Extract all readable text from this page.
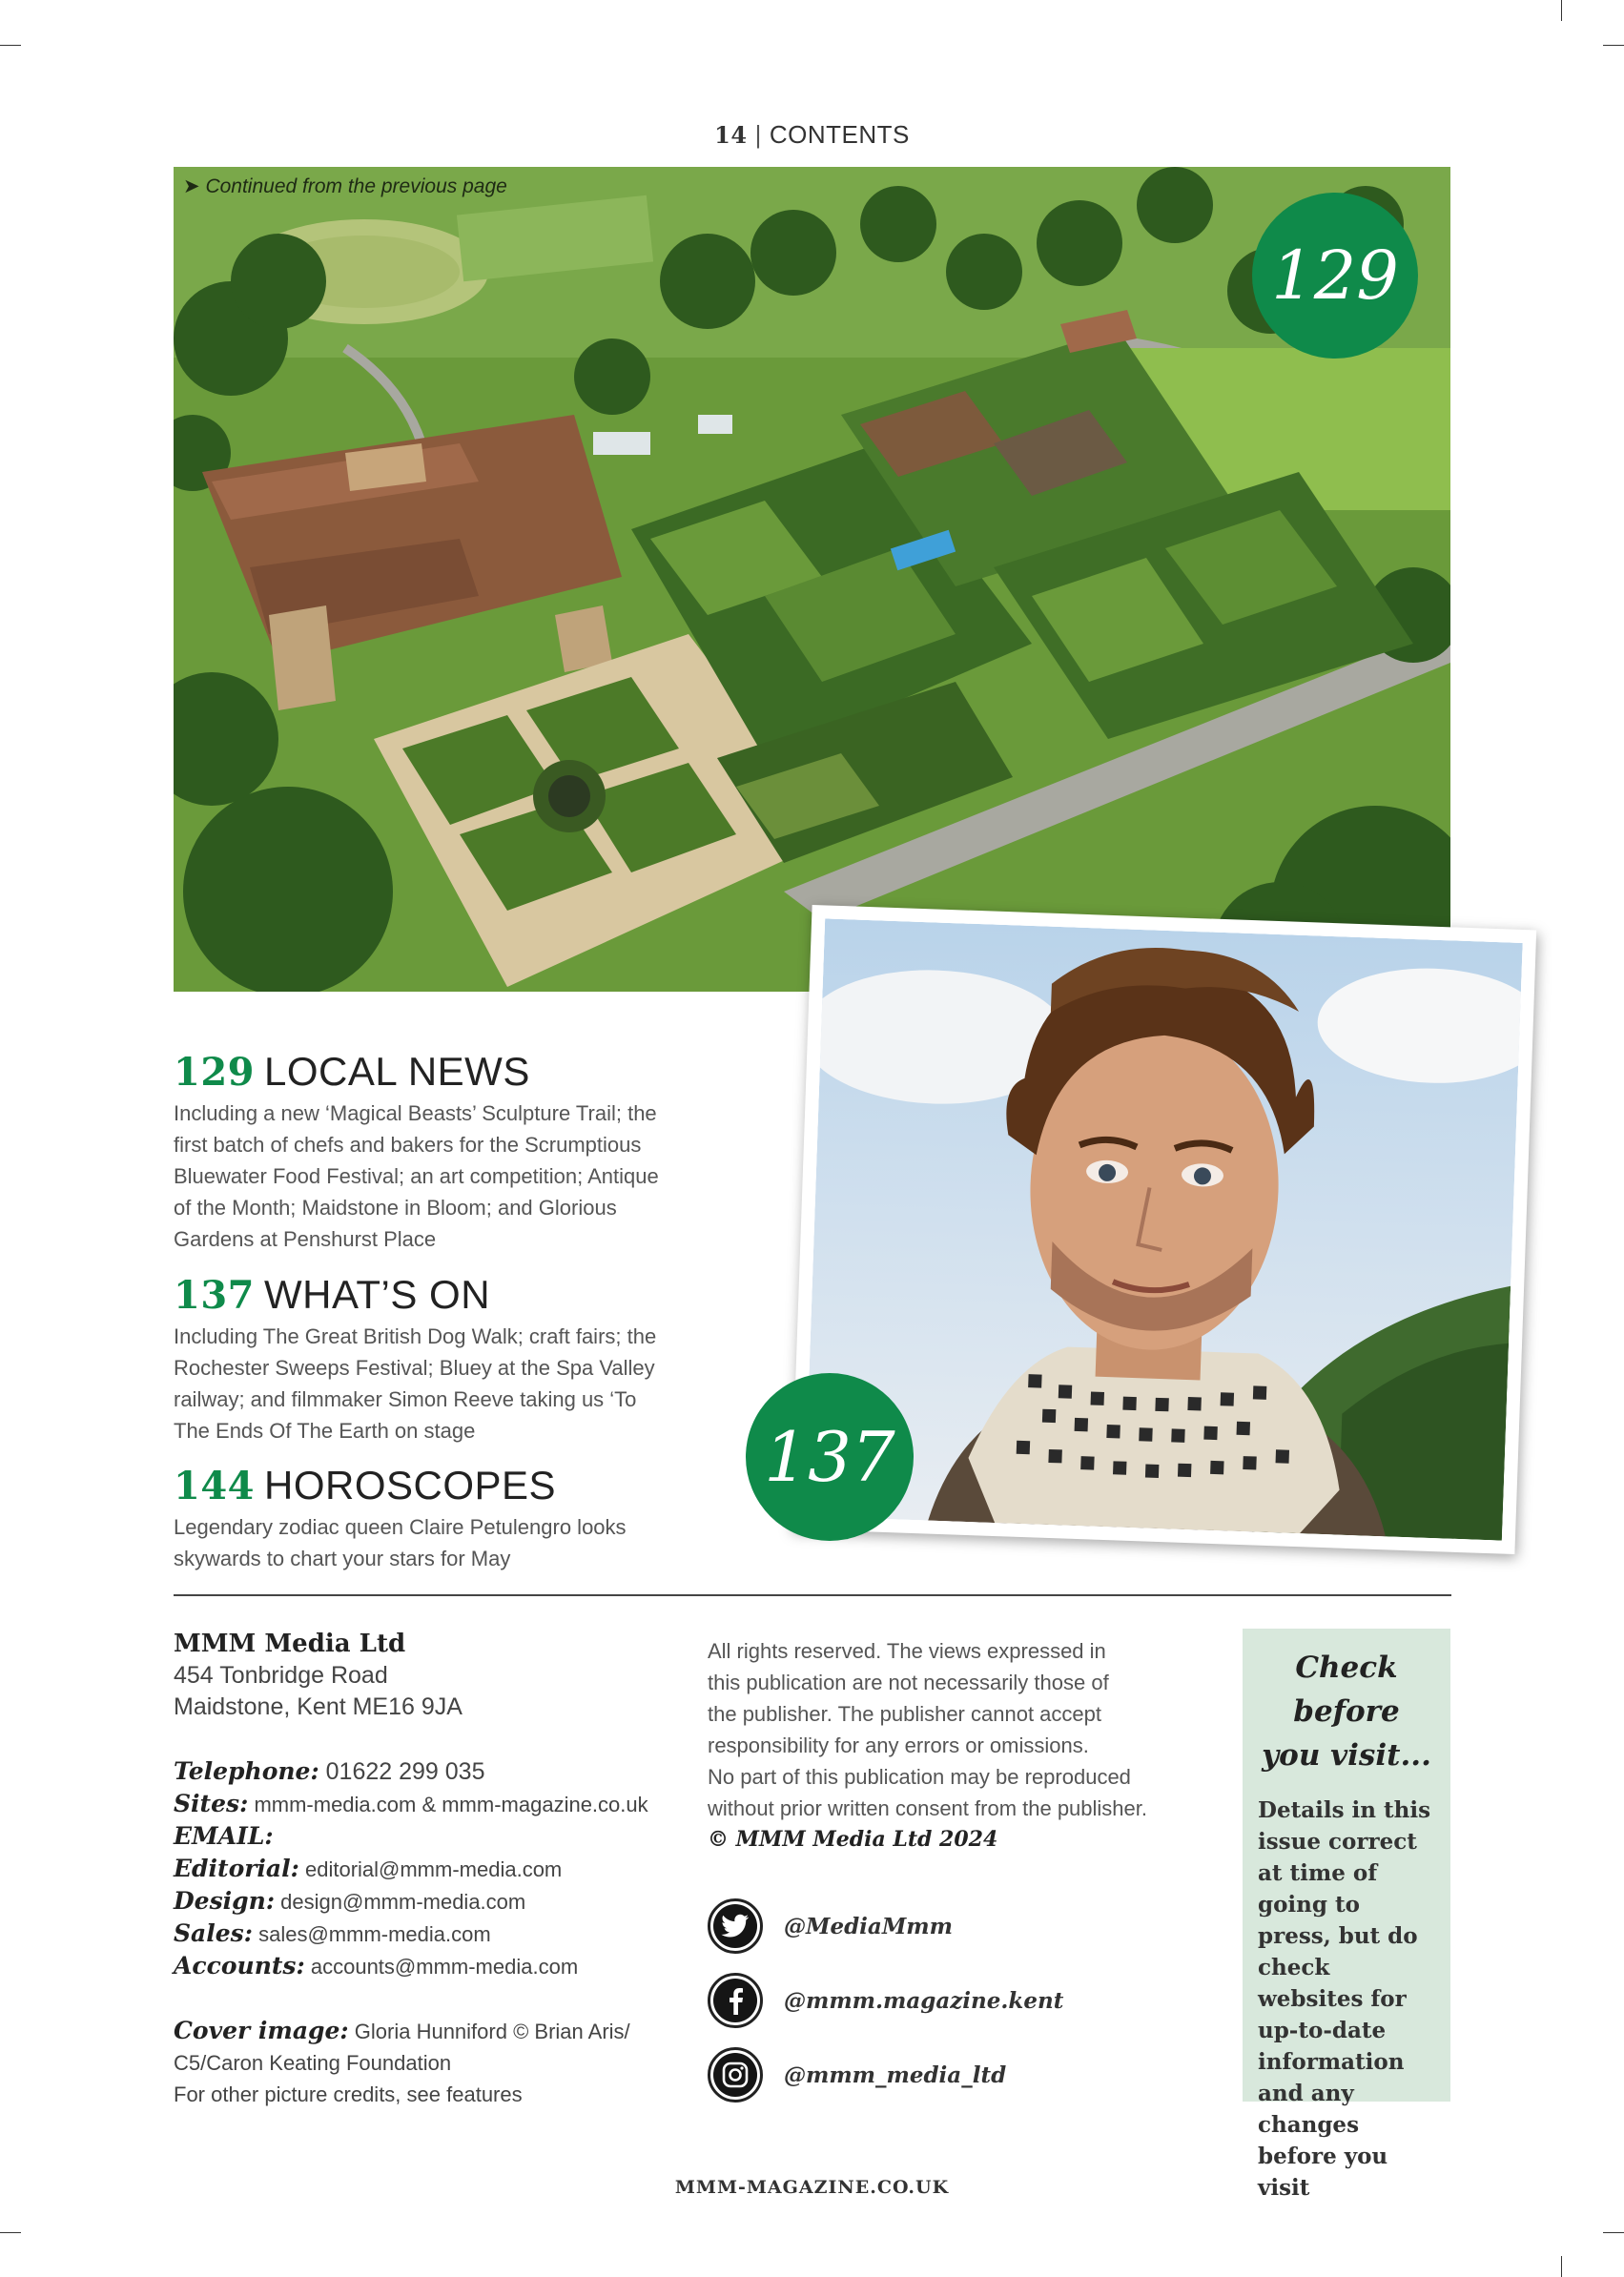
14 | CONTENTS
➤ Continued from the previous page
129
137
129 LOCAL NEWS
Including a new ‘Magical Beasts’ Sculpture Trail; the first batch of chefs and bakers for the Scrumptious Bluewater Food Festival; an art competition; Antique of the Month; Maidstone in Bloom; and Glorious Gardens at Penshurst Place
137 WHAT’S ON
Including The Great British Dog Walk; craft fairs; the Rochester Sweeps Festival; Bluey at the Spa Valley railway; and filmmaker Simon Reeve taking us ‘To The Ends Of The Earth on stage
144 HOROSCOPES
Legendary zodiac queen Claire Petulengro looks skywards to chart your stars for May
MMM Media Ltd
454 Tonbridge Road
Maidstone, Kent ME16 9JA
Telephone: 01622 299 035
Sites: mmm-media.com & mmm-magazine.co.uk
EMAIL:
Editorial: editorial@mmm-media.com
Design: design@mmm-media.com
Sales: sales@mmm-media.com
Accounts: accounts@mmm-media.com
Cover image: Gloria Hunniford © Brian Aris/
C5/Caron Keating Foundation
For other picture credits, see features
All rights reserved. The views expressed in
this publication are not necessarily those of
the publisher. The publisher cannot accept
responsibility for any errors or omissions.
No part of this publication may be reproduced
without prior written consent from the publisher.
© MMM Media Ltd 2024
@MediaMmm
@mmm.magazine.kent
@mmm_media_ltd
Check before
you visit...
Details in this issue correct at time of going to press, but do check websites for up-to-date information and any changes before you visit
MMM-MAGAZINE.CO.UK
